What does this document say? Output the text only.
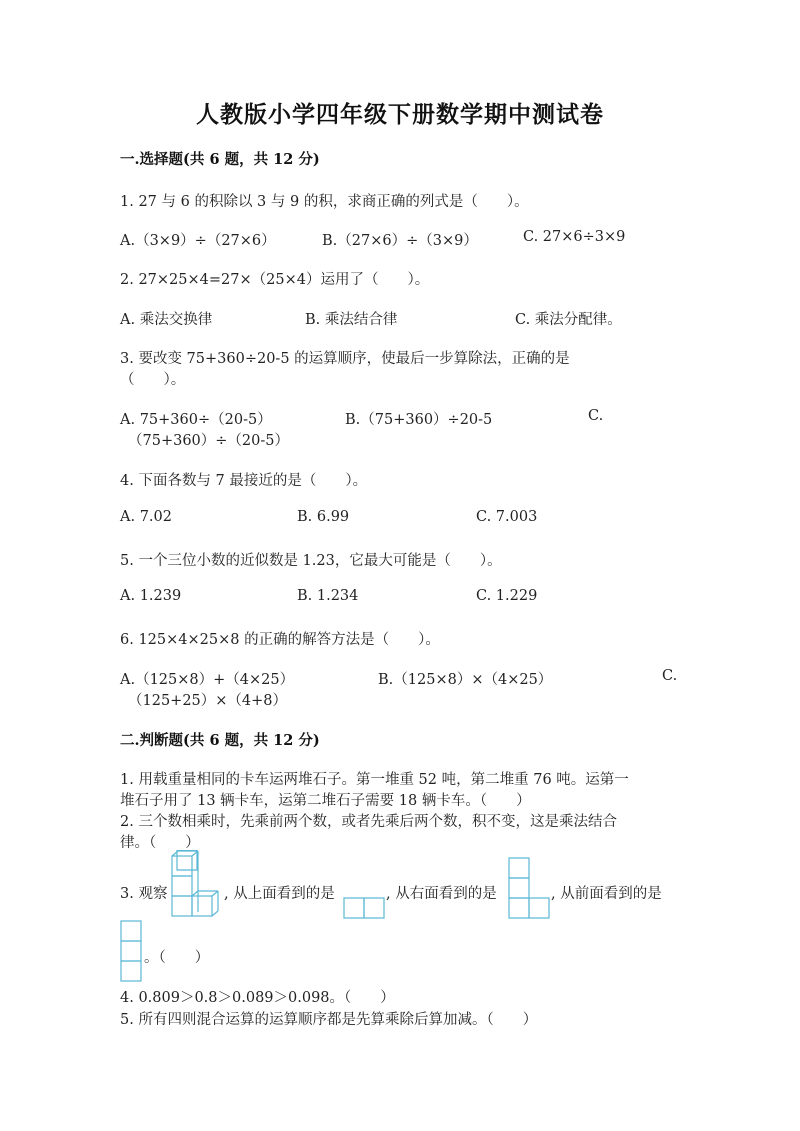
人教版小学四年级下册数学期中测试卷
一.选择题(共 6 题，共 12 分)
1. 27 与 6 的积除以 3 与 9 的积，求商正确的列式是（　　）。
A.（3×9）÷（27×6）	B.（27×6）÷（3×9）	C. 27×6÷3×9
2. 27×25×4=27×（25×4）运用了（　　）。
A. 乘法交换律	B. 乘法结合律	C. 乘法分配律。
3. 要改变 75+360÷20-5 的运算顺序，使最后一步算除法，正确的是
（　　）。
A. 75+360÷（20-5）	B.（75+360）÷20-5	C.
（75+360）÷（20-5）
4. 下面各数与 7 最接近的是（　　）。
A. 7.02	B. 6.99	C. 7.003
5. 一个三位小数的近似数是 1.23，它最大可能是（　　）。
A. 1.239	B. 1.234	C. 1.229
6. 125×4×25×8 的正确的解答方法是（　　）。
A.（125×8）+（4×25）	B.（125×8）×（4×25）	C.
（125+25）×（4+8）
二.判断题(共 6 题，共 12 分)
1. 用载重量相同的卡车运两堆石子。第一堆重 52 吨，第二堆重 76 吨。运第一
堆石子用了 13 辆卡车，运第二堆石子需要 18 辆卡车。（　　）
2. 三个数相乘时，先乘前两个数，或者先乘后两个数，积不变，这是乘法结合
律。（　　）
3. 观察	, 从上面看到的是	, 从右面看到的是	, 从前面看到的是
。（　　）
4. 0.809＞0.8＞0.089＞0.098。（　　）
5. 所有四则混合运算的运算顺序都是先算乘除后算加减。（　　）
